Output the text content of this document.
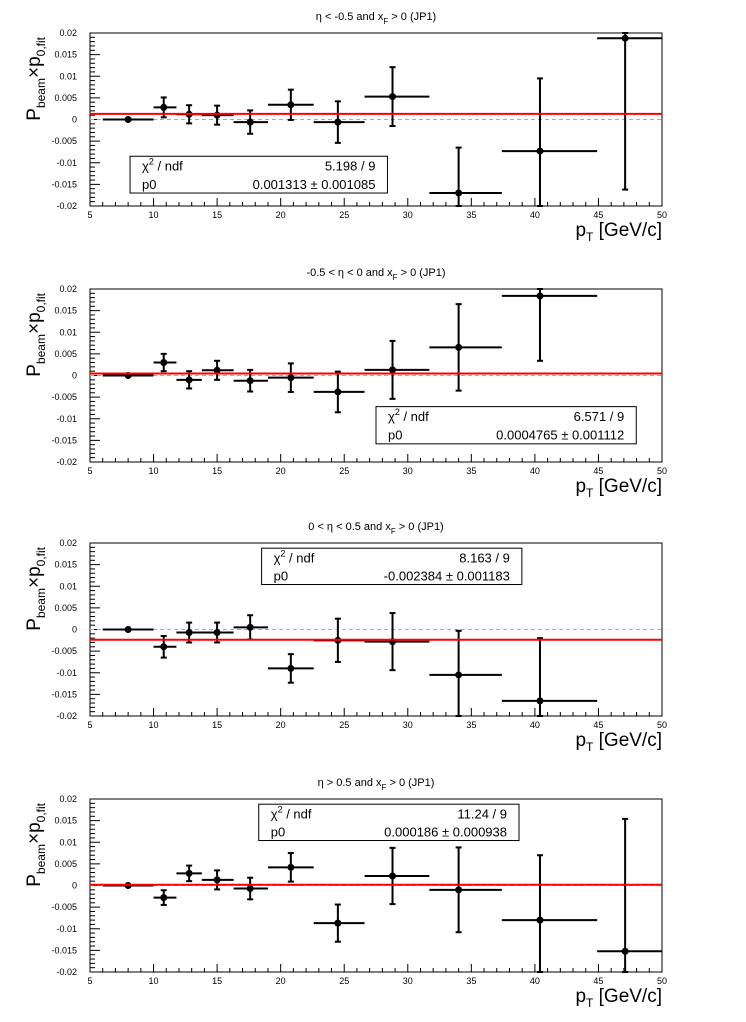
5	10	15	20	25	30	35	40	45	50
-0.02
-0.015
-0.01
-0.005
0
0.005
0.01
0.015
0.02
$\chi^2$ / ndf	5.198 / 9
p0	0.001313 ± 0.001085
η < -0.5 and $x_F > 0$ (JP1)
$p_T$ [GeV/c]
$P_{beam}\times p_{0,fit}$
5	10	15	20	25	30	35	40	45	50
-0.02
-0.015
-0.01
-0.005
0
0.005
0.01
0.015
0.02
$\chi^2$ / ndf	6.571 / 9
p0	0.0004765 ± 0.001112
-0.5 < η < 0 and $x_F > 0$ (JP1)
$p_T$ [GeV/c]
$P_{beam}\times p_{0,fit}$
5	10	15	20	25	30	35	40	45	50
-0.02
-0.015
-0.01
-0.005
0
0.005
0.01
0.015
0.02
$\chi^2$ / ndf	8.163 / 9
p0	-0.002384 ± 0.001183
0 < η < 0.5 and $x_F > 0$ (JP1)
$p_T$ [GeV/c]
$P_{beam}\times p_{0,fit}$
5	10	15	20	25	30	35	40	45	50
-0.02
-0.015
-0.01
-0.005
0
0.005
0.01
0.015
0.02
$\chi^2$ / ndf	11.24 / 9
p0	0.000186 ± 0.000938
η > 0.5 and $x_F > 0$ (JP1)
$p_T$ [GeV/c]
$P_{beam}\times p_{0,fit}$
